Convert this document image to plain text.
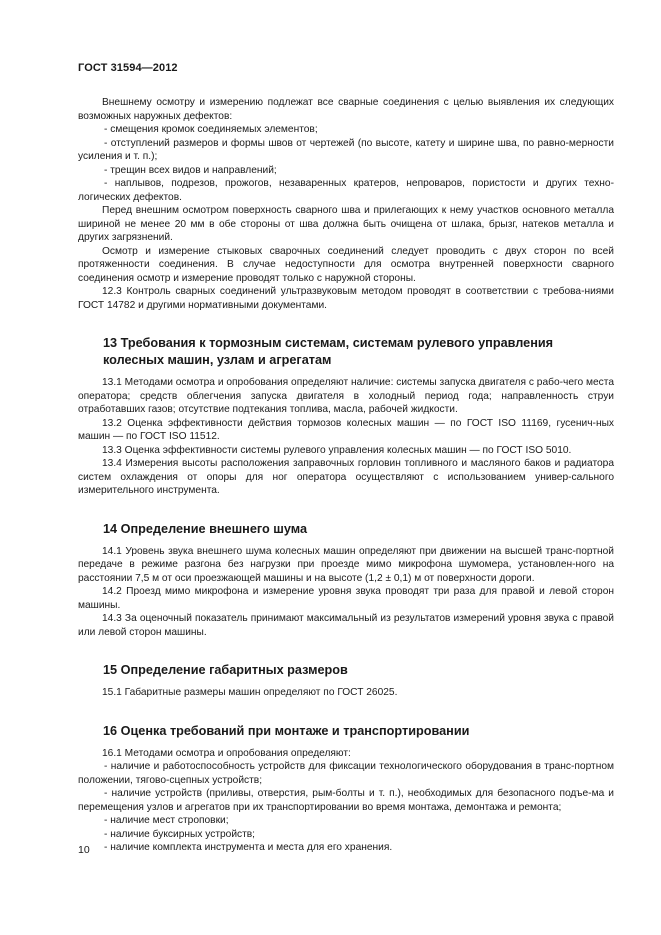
ГОСТ 31594—2012

Внешнему осмотру и измерению подлежат все сварные соединения с целью выявления их следующих возможных наружных дефектов:

- смещения кромок соединяемых элементов;

- отступлений размеров и формы швов от чертежей (по высоте, катету и ширине шва, по равно-мерности усиления и т. п.);

- трещин всех видов и направлений;

- наплывов, подрезов, прожогов, незаваренных кратеров, непроваров, пористости и других техно-логических дефектов.

Перед внешним осмотром поверхность сварного шва и прилегающих к нему участков основного металла шириной не менее 20 мм в обе стороны от шва должна быть очищена от шлака, брызг, натеков металла и других загрязнений.

Осмотр и измерение стыковых сварочных соединений следует проводить с двух сторон по всей протяженности соединения. В случае недоступности для осмотра внутренней поверхности сварного соединения осмотр и измерение проводят только с наружной стороны.

12.3 Контроль сварных соединений ультразвуковым методом проводят в соответствии с требова-ниями ГОСТ 14782 и другими нормативными документами.

13 Требования к тормозным системам, системам рулевого управления колесных машин, узлам и агрегатам

13.1 Методами осмотра и опробования определяют наличие: системы запуска двигателя с рабо-чего места оператора; средств облегчения запуска двигателя в холодный период года; направленность струи отработавших газов; отсутствие подтекания топлива, масла, рабочей жидкости.

13.2 Оценка эффективности действия тормозов колесных машин — по ГОСТ ISO 11169, гусенич-ных машин — по ГОСТ ISO 11512.

13.3 Оценка эффективности системы рулевого управления колесных машин — по ГОСТ ISO 5010.

13.4 Измерения высоты расположения заправочных горловин топливного и масляного баков и радиатора систем охлаждения от опоры для ног оператора осуществляют с использованием универ-сального измерительного инструмента.

14 Определение внешнего шума

14.1 Уровень звука внешнего шума колесных машин определяют при движении на высшей транс-портной передаче в режиме разгона без нагрузки при проезде мимо микрофона шумомера, установлен-ного на расстоянии 7,5 м от оси проезжающей машины и на высоте (1,2 ± 0,1) м от поверхности дороги.

14.2 Проезд мимо микрофона и измерение уровня звука проводят три раза для правой и левой сторон машины.

14.3 За оценочный показатель принимают максимальный из результатов измерений уровня звука с правой или левой сторон машины.

15 Определение габаритных размеров

15.1 Габаритные размеры машин определяют по ГОСТ 26025.

16 Оценка требований при монтаже и транспортировании

16.1 Методами осмотра и опробования определяют:

- наличие и работоспособность устройств для фиксации технологического оборудования в транс-портном положении, тягово-сцепных устройств;

- наличие устройств (приливы, отверстия, рым-болты и т. п.), необходимых для безопасного подъе-ма и перемещения узлов и агрегатов при их транспортировании во время монтажа, демонтажа и ремонта;

- наличие мест строповки;

- наличие буксирных устройств;

- наличие комплекта инструмента и места для его хранения.

10
